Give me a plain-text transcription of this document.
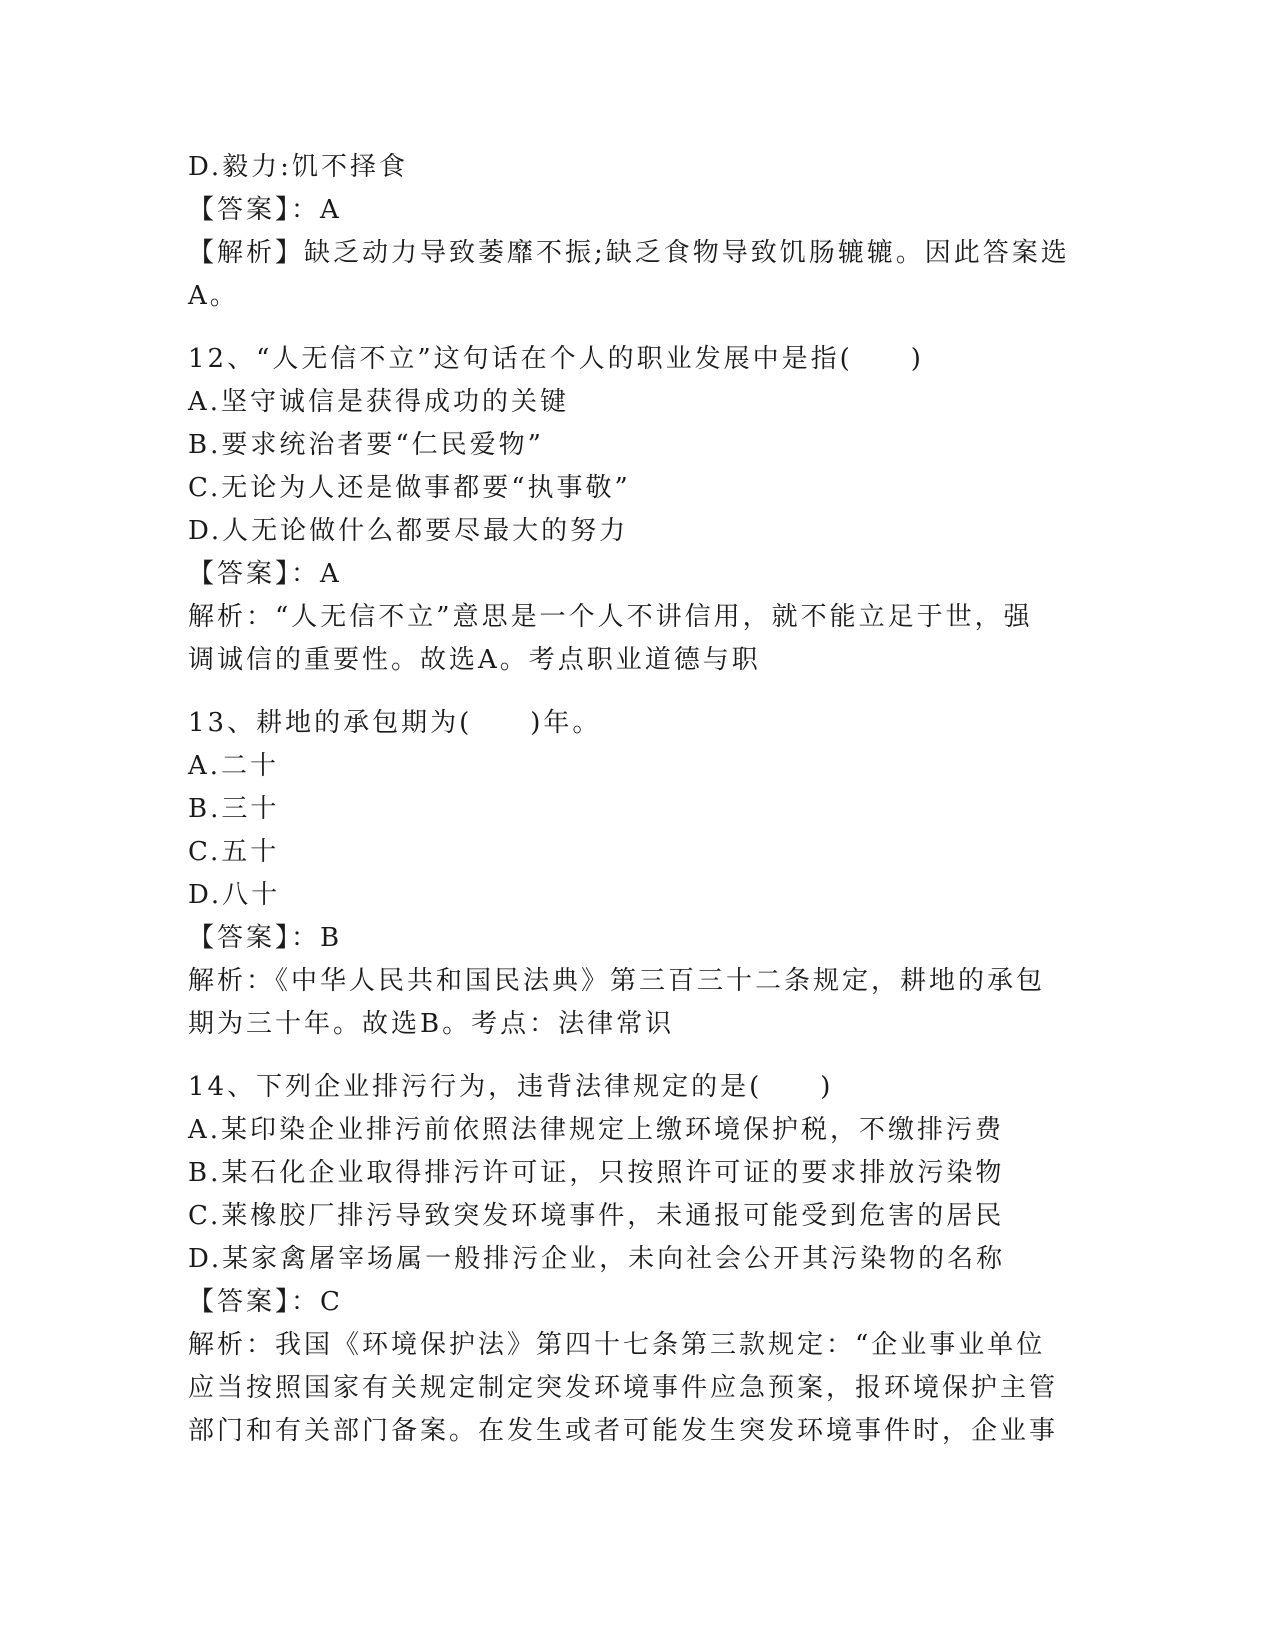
D.毅力:饥不择食
【答案】：A
【解析】缺乏动力导致萎靡不振;缺乏食物导致饥肠辘辘。因此答案选
A。
12、“人无信不立”这句话在个人的职业发展中是指(　　)
A.坚守诚信是获得成功的关键
B.要求统治者要“仁民爱物”
C.无论为人还是做事都要“执事敬”
D.人无论做什么都要尽最大的努力
【答案】：A
解析：“人无信不立”意思是一个人不讲信用，就不能立足于世，强
调诚信的重要性。故选A。考点职业道德与职
13、耕地的承包期为(　　)年。
A.二十
B.三十
C.五十
D.八十
【答案】：B
解析：《中华人民共和国民法典》第三百三十二条规定，耕地的承包
期为三十年。故选B。考点：法律常识
14、下列企业排污行为，违背法律规定的是(　　)
A.某印染企业排污前依照法律规定上缴环境保护税，不缴排污费
B.某石化企业取得排污许可证，只按照许可证的要求排放污染物
C.莱橡胶厂排污导致突发环境事件，未通报可能受到危害的居民
D.某家禽屠宰场属一般排污企业，未向社会公开其污染物的名称
【答案】：C
解析：我国《环境保护法》第四十七条第三款规定：“企业事业单位
应当按照国家有关规定制定突发环境事件应急预案，报环境保护主管
部门和有关部门备案。在发生或者可能发生突发环境事件时，企业事
